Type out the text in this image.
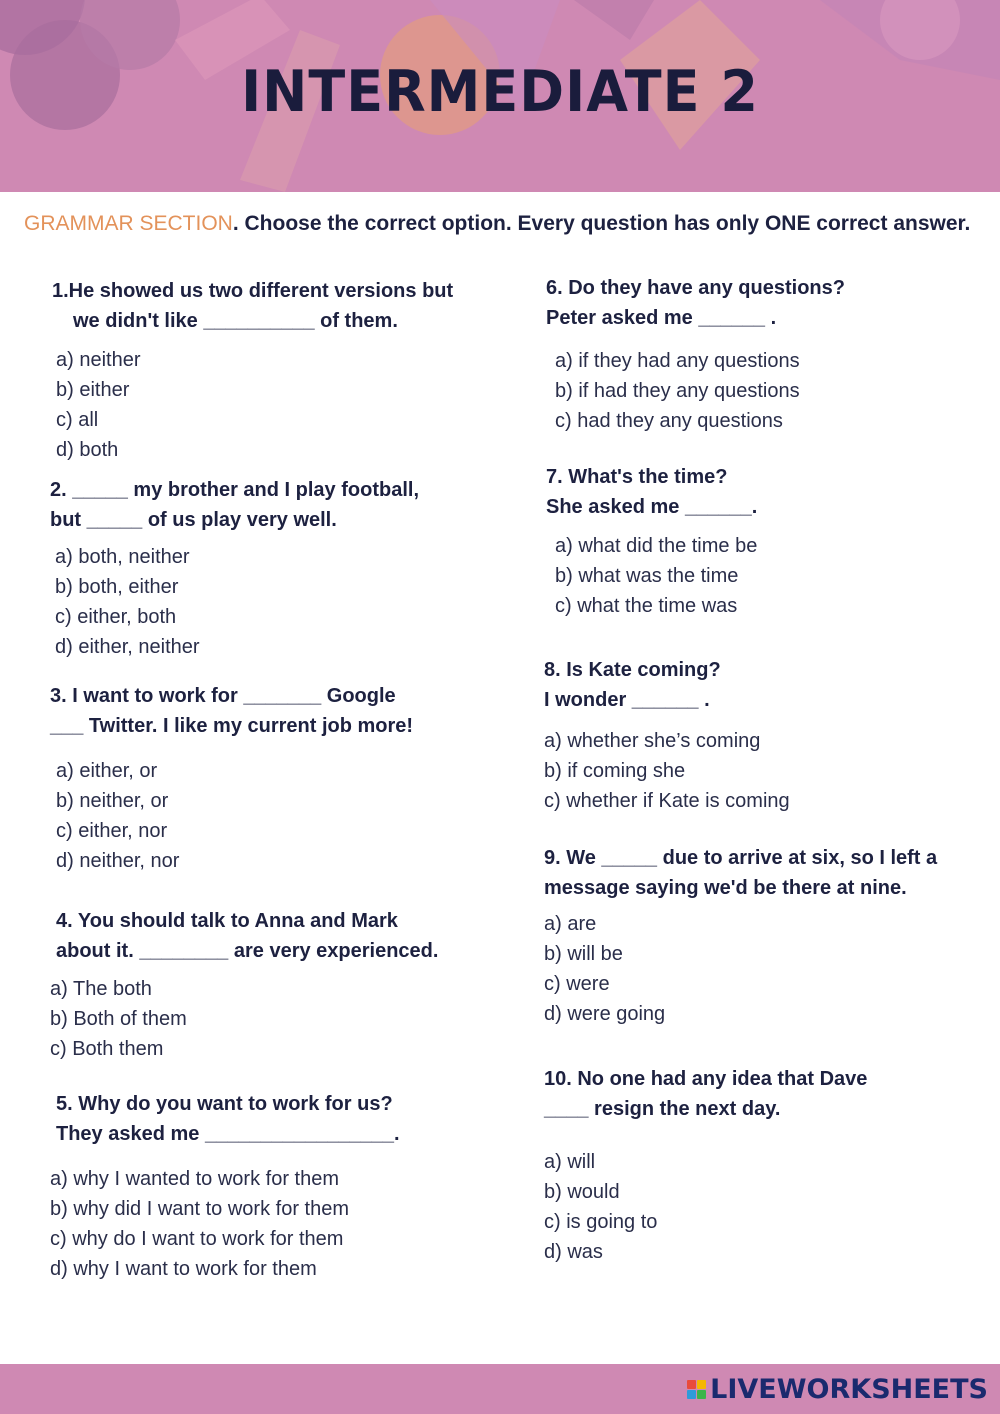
INTERMEDIATE 2
GRAMMAR SECTION. Choose the correct option. Every question has only ONE correct answer.
1.He showed us two different versions but
we didn't like __________ of them.
a) neither
b) either
c) all
d) both
2. _____ my brother and I play football,
but _____ of us play very well.
a) both, neither
b) both, either
c) either, both
d) either, neither
3. I want to work for _______ Google
___ Twitter. I like my current job more!
a) either, or
b) neither, or
c) either, nor
d) neither, nor
4. You should talk to Anna and Mark
about it. ________ are very experienced.
a) The both
b) Both of them
c) Both them
5. Why do you want to work for us?
They asked me _________________.
a) why I wanted to work for them
b) why did I want to work for them
c) why do I want to work for them
d) why I want to work for them
6. Do they have any questions?
Peter asked me ______ .
a) if they had any questions
b) if had they any questions
c) had they any questions
7. What's the time?
She asked me ______.
a) what did the time be
b) what was the time
c) what the time was
8. Is Kate coming?
I wonder ______ .
a) whether she’s coming
b) if coming she
c) whether if Kate is coming
9. We _____ due to arrive at six, so I left a
message saying we'd be there at nine.
a) are
b) will be
c) were
d) were going
10. No one had any idea that Dave
____ resign the next day.
a) will
b) would
c) is going to
d) was
LIVEWORKSHEETS
